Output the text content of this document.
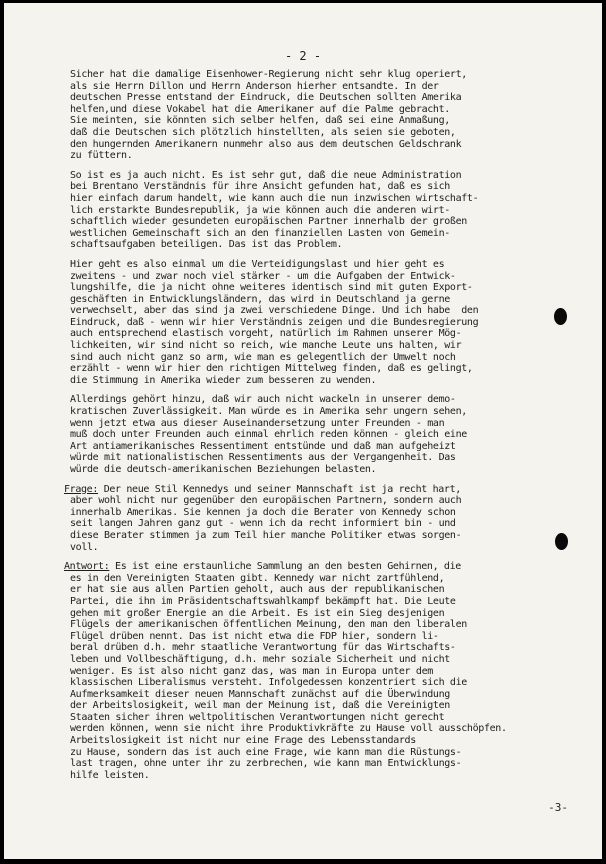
- 2 -
Sicher hat die damalige Eisenhower-Regierung nicht sehr klug operiert,
als sie Herrn Dillon und Herrn Anderson hierher entsandte. In der
deutschen Presse entstand der Eindruck, die Deutschen sollten Amerika
helfen,und diese Vokabel hat die Amerikaner auf die Palme gebracht.
Sie meinten, sie könnten sich selber helfen, daß sei eine Anmaßung,
daß die Deutschen sich plötzlich hinstellten, als seien sie geboten,
den hungernden Amerikanern nunmehr also aus dem deutschen Geldschrank
zu füttern.
So ist es ja auch nicht. Es ist sehr gut, daß die neue Administration
bei Brentano Verständnis für ihre Ansicht gefunden hat, daß es sich
hier einfach darum handelt, wie kann auch die nun inzwischen wirtschaft-
lich erstarkte Bundesrepublik, ja wie können auch die anderen wirt-
schaftlich wieder gesundeten europäischen Partner innerhalb der großen
westlichen Gemeinschaft sich an den finanziellen Lasten von Gemein-
schaftsaufgaben beteiligen. Das ist das Problem.
Hier geht es also einmal um die Verteidigungslast und hier geht es
zweitens - und zwar noch viel stärker - um die Aufgaben der Entwick-
lungshilfe, die ja nicht ohne weiteres identisch sind mit guten Export-
geschäften in Entwicklungsländern, das wird in Deutschland ja gerne
verwechselt, aber das sind ja zwei verschiedene Dinge. Und ich habe  den
Eindruck, daß - wenn wir hier Verständnis zeigen und die Bundesregierung
auch entsprechend elastisch vorgeht, natürlich im Rahmen unserer Mög-
lichkeiten, wir sind nicht so reich, wie manche Leute uns halten, wir
sind auch nicht ganz so arm, wie man es gelegentlich der Umwelt noch
erzählt - wenn wir hier den richtigen Mittelweg finden, daß es gelingt,
die Stimmung in Amerika wieder zum besseren zu wenden.
Allerdings gehört hinzu, daß wir auch nicht wackeln in unserer demo-
kratischen Zuverlässigkeit. Man würde es in Amerika sehr ungern sehen,
wenn jetzt etwa aus dieser Auseinandersetzung unter Freunden - man
muß doch unter Freunden auch einmal ehrlich reden können - gleich eine
Art antiamerikanisches Ressentiment entstünde und daß man aufgeheizt
würde mit nationalistischen Ressentiments aus der Vergangenheit. Das
würde die deutsch-amerikanischen Beziehungen belasten.
Frage: Der neue Stil Kennedys und seiner Mannschaft ist ja recht hart,
aber wohl nicht nur gegenüber den europäischen Partnern, sondern auch
innerhalb Amerikas. Sie kennen ja doch die Berater von Kennedy schon
seit langen Jahren ganz gut - wenn ich da recht informiert bin - und
diese Berater stimmen ja zum Teil hier manche Politiker etwas sorgen-
voll.
Antwort: Es ist eine erstaunliche Sammlung an den besten Gehirnen, die
es in den Vereinigten Staaten gibt. Kennedy war nicht zartfühlend,
er hat sie aus allen Partien geholt, auch aus der republikanischen
Partei, die ihn im Präsidentschaftswahlkampf bekämpft hat. Die Leute
gehen mit großer Energie an die Arbeit. Es ist ein Sieg desjenigen
Flügels der amerikanischen öffentlichen Meinung, den man den liberalen
Flügel drüben nennt. Das ist nicht etwa die FDP hier, sondern li-
beral drüben d.h. mehr staatliche Verantwortung für das Wirtschafts-
leben und Vollbeschäftigung, d.h. mehr soziale Sicherheit und nicht
weniger. Es ist also nicht ganz das, was man in Europa unter dem
klassischen Liberalismus versteht. Infolgedessen konzentriert sich die
Aufmerksamkeit dieser neuen Mannschaft zunächst auf die Überwindung
der Arbeitslosigkeit, weil man der Meinung ist, daß die Vereinigten
Staaten sicher ihren weltpolitischen Verantwortungen nicht gerecht
werden können, wenn sie nicht ihre Produktivkräfte zu Hause voll ausschöpfen.
Arbeitslosigkeit ist nicht nur eine Frage des Lebensstandards
zu Hause, sondern das ist auch eine Frage, wie kann man die Rüstungs-
last tragen, ohne unter ihr zu zerbrechen, wie kann man Entwicklungs-
hilfe leisten.
-3-
